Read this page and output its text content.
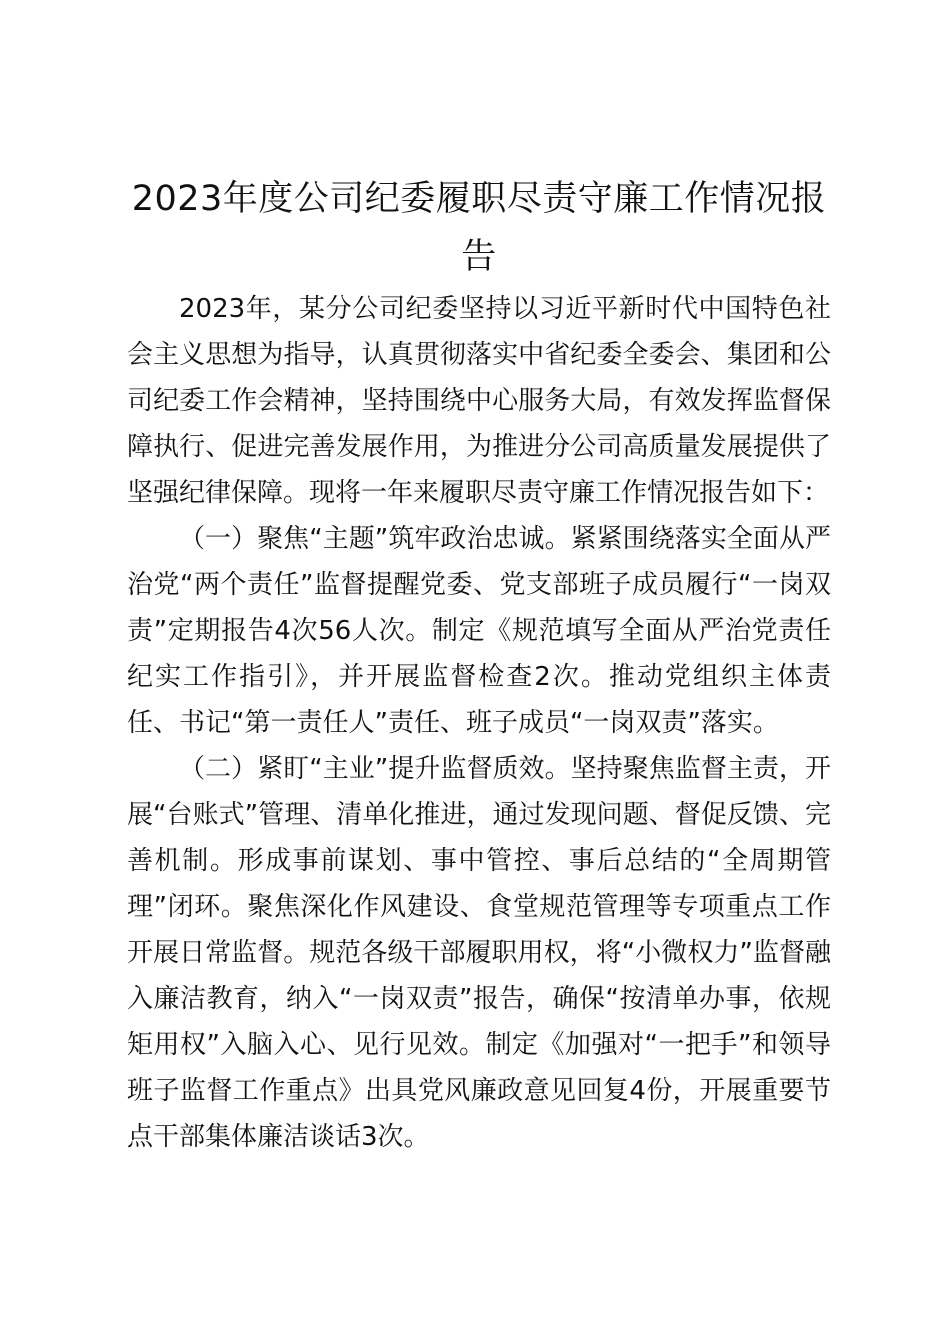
2023年度公司纪委履职尽责守廉工作情况报告

2023年，某分公司纪委坚持以习近平新时代中国特色社会主义思想为指导，认真贯彻落实中省纪委全委会、集团和公司纪委工作会精神，坚持围绕中心服务大局，有效发挥监督保障执行、促进完善发展作用，为推进分公司高质量发展提供了坚强纪律保障。现将一年来履职尽责守廉工作情况报告如下：

（一）聚焦“主题”筑牢政治忠诚。紧紧围绕落实全面从严治党“两个责任”监督提醒党委、党支部班子成员履行“一岗双责”定期报告4次56人次。制定《规范填写全面从严治党责任纪实工作指引》，并开展监督检查2次。推动党组织主体责任、书记“第一责任人”责任、班子成员“一岗双责”落实。

（二）紧盯“主业”提升监督质效。坚持聚焦监督主责，开展“台账式”管理、清单化推进，通过发现问题、督促反馈、完善机制。形成事前谋划、事中管控、事后总结的“全周期管理”闭环。聚焦深化作风建设、食堂规范管理等专项重点工作开展日常监督。规范各级干部履职用权，将“小微权力”监督融入廉洁教育，纳入“一岗双责”报告，确保“按清单办事，依规矩用权”入脑入心、见行见效。制定《加强对“一把手”和领导班子监督工作重点》出具党风廉政意见回复4份，开展重要节点干部集体廉洁谈话3次。
